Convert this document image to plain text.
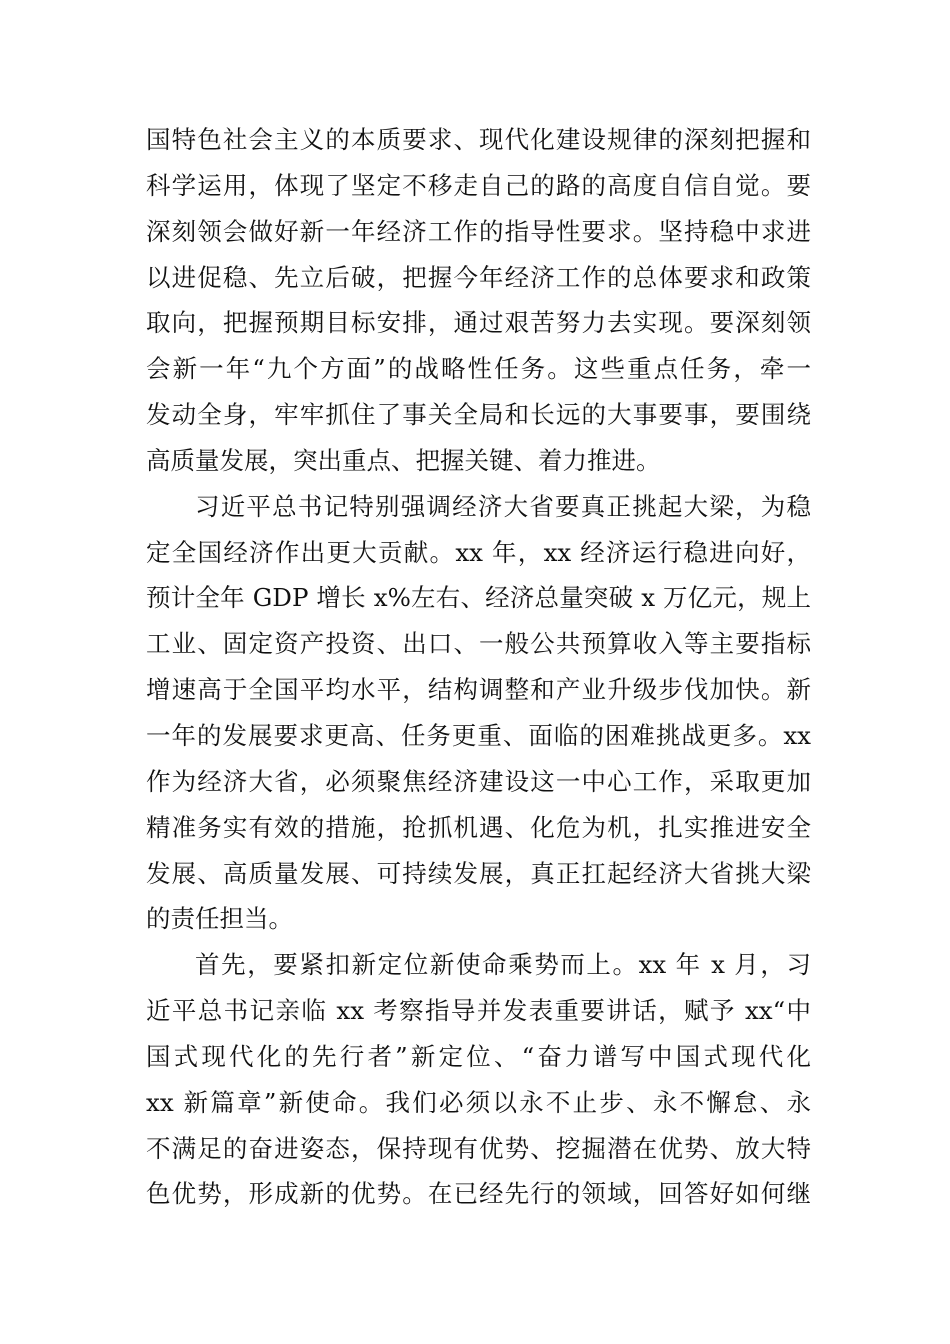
国特色社会主义的本质要求、现代化建设规律的深刻把握和
科学运用，体现了坚定不移走自己的路的高度自信自觉。要
深刻领会做好新一年经济工作的指导性要求。坚持稳中求进
以进促稳、先立后破，把握今年经济工作的总体要求和政策
取向，把握预期目标安排，通过艰苦努力去实现。要深刻领
会新一年“九个方面”的战略性任务。这些重点任务，牵一
发动全身，牢牢抓住了事关全局和长远的大事要事，要围绕
高质量发展，突出重点、把握关键、着力推进。
习近平总书记特别强调经济大省要真正挑起大梁，为稳
定全国经济作出更大贡献。xx 年，xx 经济运行稳进向好，
预计全年 GDP 增长 x%左右、经济总量突破 x 万亿元，规上
工业、固定资产投资、出口、一般公共预算收入等主要指标
增速高于全国平均水平，结构调整和产业升级步伐加快。新
一年的发展要求更高、任务更重、面临的困难挑战更多。xx
作为经济大省，必须聚焦经济建设这一中心工作，采取更加
精准务实有效的措施，抢抓机遇、化危为机，扎实推进安全
发展、高质量发展、可持续发展，真正扛起经济大省挑大梁
的责任担当。
首先，要紧扣新定位新使命乘势而上。xx 年 x 月，习
近平总书记亲临 xx 考察指导并发表重要讲话，赋予 xx“中
国式现代化的先行者”新定位、“奋力谱写中国式现代化
xx 新篇章”新使命。我们必须以永不止步、永不懈怠、永
不满足的奋进姿态，保持现有优势、挖掘潜在优势、放大特
色优势，形成新的优势。在已经先行的领域，回答好如何继
